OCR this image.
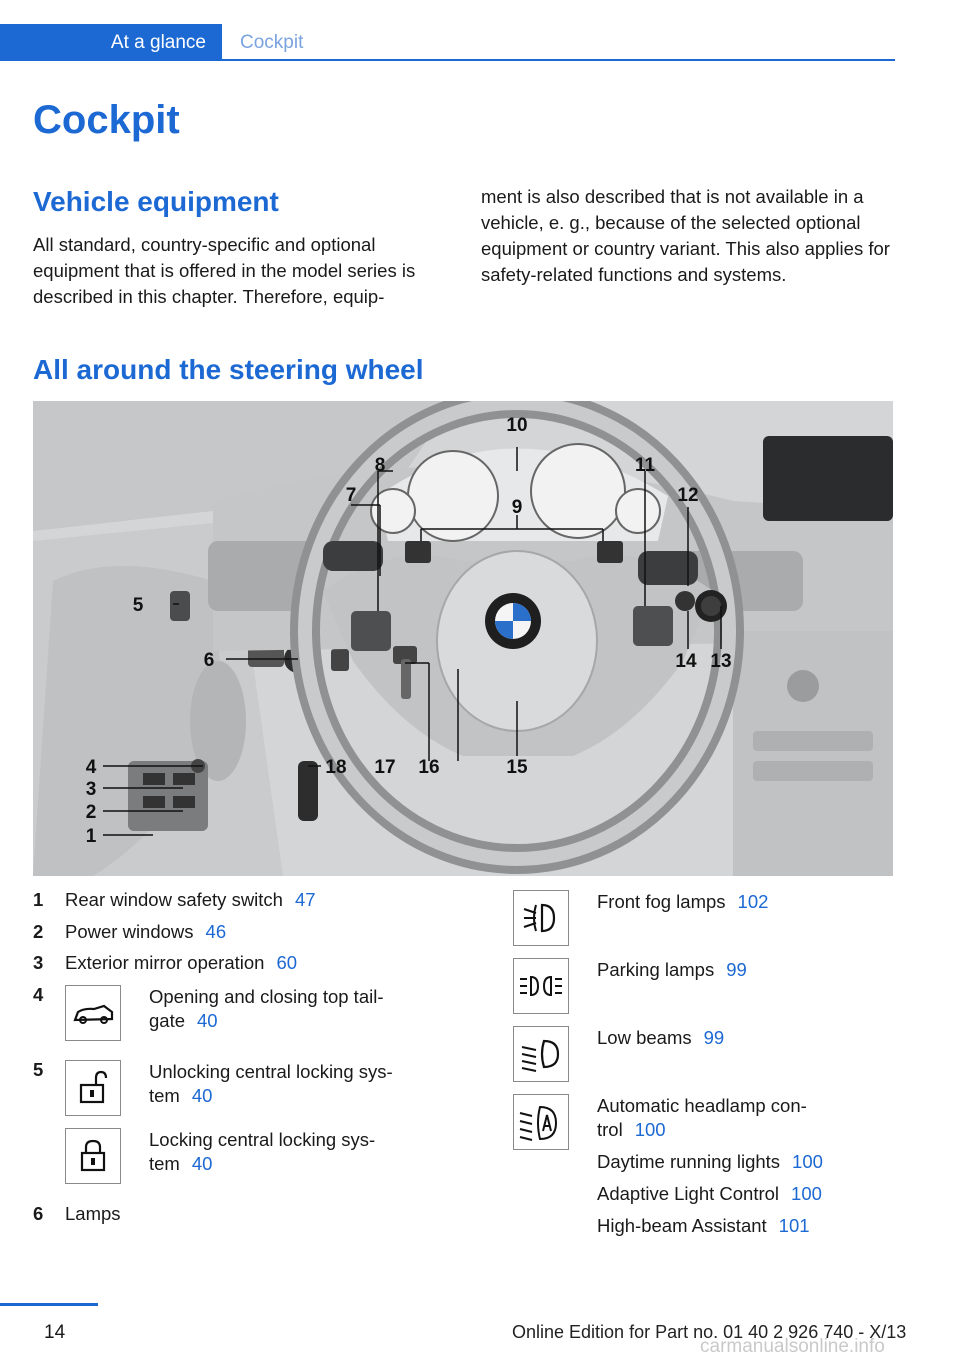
At a glance	Cockpit
Cockpit
Vehicle equipment
All standard, country-specific and optional equipment that is offered in the model series is described in this chapter. Therefore, equip-
ment is also described that is not available in a vehicle, e. g., because of the selected optional equipment or country variant. This also applies for safety-related functions and systems.
All around the steering wheel
10
8
7
9
11
12
5
6	14 13
18 17 16	15
4
3
2
1
1 Rear window safety switch 47
2 Power windows 46
3 Exterior mirror operation 60
4	Opening and closing top tail-
gate 40
5	Unlocking central locking sys-
tem 40
Locking central locking sys-
tem 40
6 Lamps
Front fog lamps 102
Parking lamps 99
Low beams 99
Automatic headlamp con-
trol 100
Daytime running lights 100
Adaptive Light Control 100
High-beam Assistant 101
14	Online Edition for Part no. 01 40 2 926 740 - X/13
carmanualsonline.info
